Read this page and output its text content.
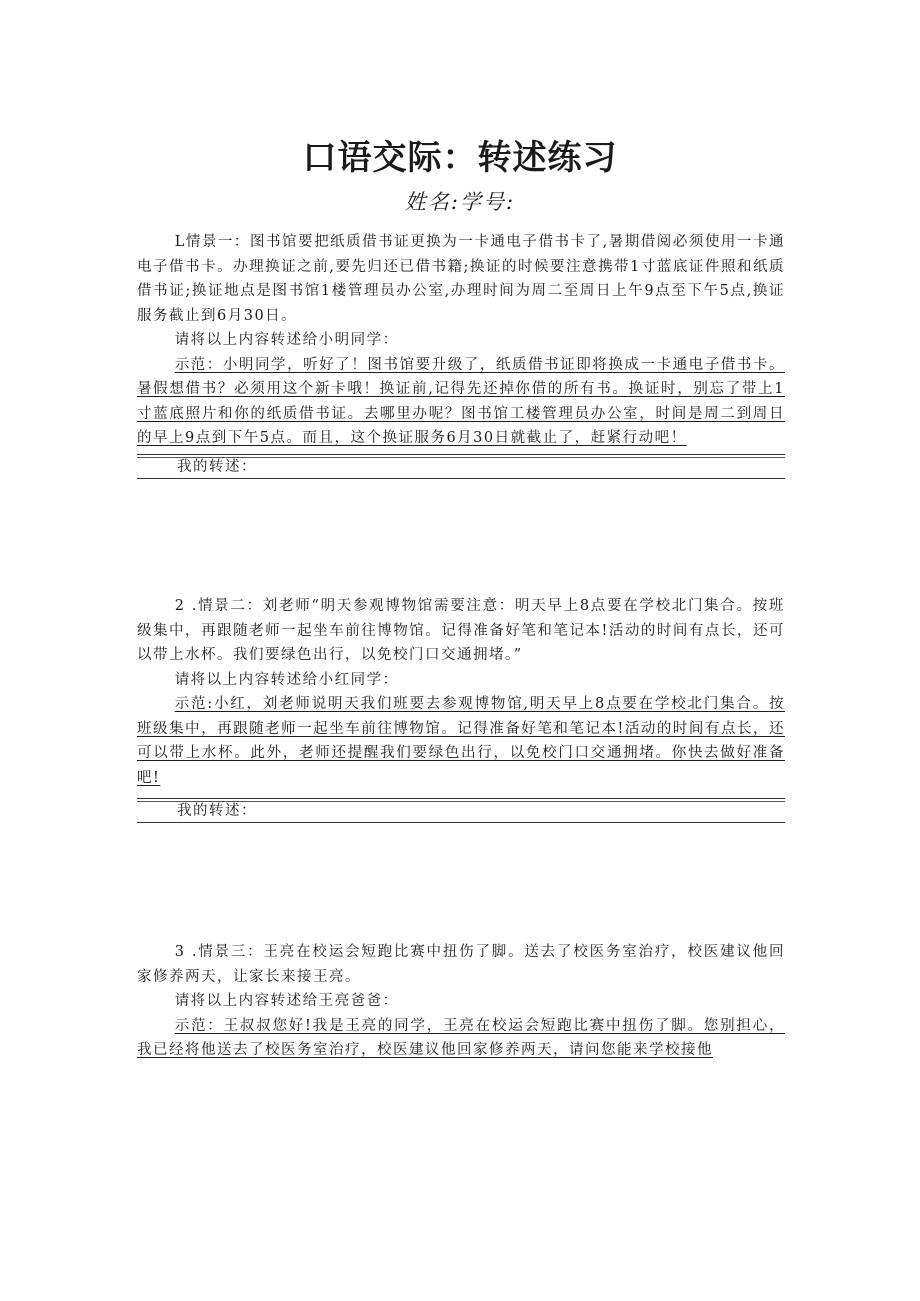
口语交际：转述练习
姓名:学号:

L情景一：图书馆要把纸质借书证更换为一卡通电子借书卡了,暑期借阅必须使用一卡通电子借书卡。办理换证之前,要先归还已借书籍;换证的时候要注意携带1寸蓝底证件照和纸质借书证;换证地点是图书馆1楼管理员办公室,办理时间为周二至周日上午9点至下午5点,换证服务截止到6月30日。

请将以上内容转述给小明同学：

示范：小明同学，听好了！图书馆要升级了，纸质借书证即将换成一卡通电子借书卡。暑假想借书？必须用这个新卡哦！换证前,记得先还掉你借的所有书。换证时，别忘了带上1寸蓝底照片和你的纸质借书证。去哪里办呢？图书馆工楼管理员办公室，时间是周二到周日的早上9点到下午5点。而且，这个换证服务6月30日就截止了，赶紧行动吧！

我的转述：

2 .情景二：刘老师“明天参观博物馆需要注意：明天早上8点要在学校北门集合。按班级集中，再跟随老师一起坐车前往博物馆。记得准备好笔和笔记本!活动的时间有点长，还可以带上水杯。我们要绿色出行，以免校门口交通拥堵。”

请将以上内容转述给小红同学：

示范:小红，刘老师说明天我们班要去参观博物馆,明天早上8点要在学校北门集合。按班级集中，再跟随老师一起坐车前往博物馆。记得准备好笔和笔记本!活动的时间有点长，还可以带上水杯。此外，老师还提醒我们要绿色出行，以免校门口交通拥堵。你快去做好准备吧!

我的转述：

3 .情景三：王亮在校运会短跑比赛中扭伤了脚。送去了校医务室治疗，校医建议他回家修养两天，让家长来接王亮。

请将以上内容转述给王亮爸爸：

示范：王叔叔您好!我是王亮的同学，王亮在校运会短跑比赛中扭伤了脚。您别担心，我已经将他送去了校医务室治疗，校医建议他回家修养两天，请问您能来学校接他
